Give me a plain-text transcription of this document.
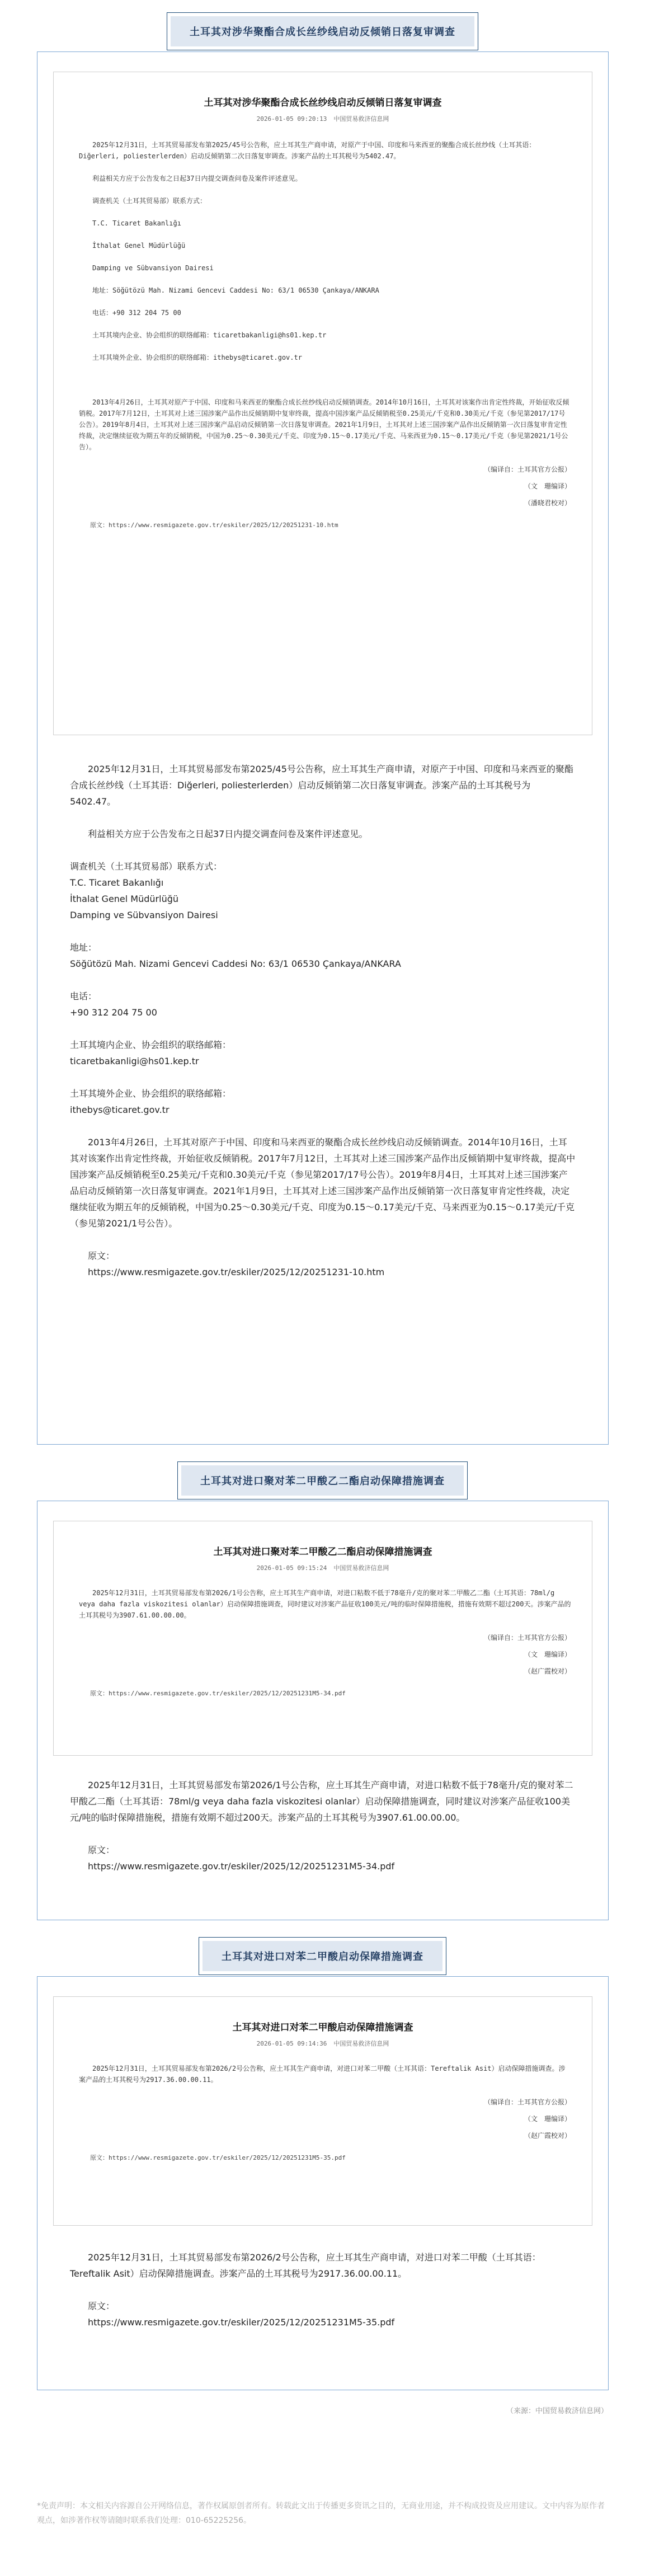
土耳其对涉华聚酯合成长丝纱线启动反倾销日落复审调查
土耳其对涉华聚酯合成长丝纱线启动反倾销日落复审调查
2026-01-05 09:20:13 中国贸易救济信息网

2025年12月31日，土耳其贸易部发布第2025/45号公告称，应土耳其生产商申请，对原产于中国、印度和马来西亚的聚酯合成长丝纱线（土耳其语：Diğerleri, poliesterlerden）启动反倾销第二次日落复审调查。涉案产品的土耳其税号为5402.47。

利益相关方应于公告发布之日起37日内提交调查问卷及案件评述意见。

调查机关（土耳其贸易部）联系方式：

T.C. Ticaret Bakanlığı

İthalat Genel Müdürlüğü

Damping ve Sübvansiyon Dairesi

地址：Söğütözü Mah. Nizami Gencevi Caddesi No: 63/1 06530 Çankaya/ANKARA

电话：+90 312 204 75 00

土耳其境内企业、协会组织的联络邮箱：ticaretbakanligi@hs01.kep.tr

土耳其境外企业、协会组织的联络邮箱：ithebys@ticaret.gov.tr

2013年4月26日，土耳其对原产于中国、印度和马来西亚的聚酯合成长丝纱线启动反倾销调查。2014年10月16日，土耳其对该案作出肯定性终裁，开始征收反倾销税。2017年7月12日，土耳其对上述三国涉案产品作出反倾销期中复审终裁，提高中国涉案产品反倾销税至0.25美元/千克和0.30美元/千克（参见第2017/17号公告）。2019年8月4日，土耳其对上述三国涉案产品启动反倾销第一次日落复审调查。2021年1月9日，土耳其对上述三国涉案产品作出反倾销第一次日落复审肯定性终裁，决定继续征收为期五年的反倾销税，中国为0.25～0.30美元/千克、印度为0.15～0.17美元/千克、马来西亚为0.15～0.17美元/千克（参见第2021/1号公告）。

（编译自：土耳其官方公报）

（文　珊编译）

（潘晓君校对）

原文：https://www.resmigazete.gov.tr/eskiler/2025/12/20251231-10.htm

2025年12月31日，土耳其贸易部发布第2025/45号公告称，应土耳其生产商申请，对原产于中国、印度和马来西亚的聚酯合成长丝纱线（土耳其语：Diğerleri, poliesterlerden）启动反倾销第二次日落复审调查。涉案产品的土耳其税号为5402.47。

利益相关方应于公告发布之日起37日内提交调查问卷及案件评述意见。

调查机关（土耳其贸易部）联系方式：
T.C. Ticaret Bakanlığı
İthalat Genel Müdürlüğü
Damping ve Sübvansiyon Dairesi
地址：
Söğütözü Mah. Nizami Gencevi Caddesi No: 63/1 06530 Çankaya/ANKARA
电话：
+90 312 204 75 00
土耳其境内企业、协会组织的联络邮箱：
ticaretbakanligi@hs01.kep.tr
土耳其境外企业、协会组织的联络邮箱：
ithebys@ticaret.gov.tr

2013年4月26日，土耳其对原产于中国、印度和马来西亚的聚酯合成长丝纱线启动反倾销调查。2014年10月16日，土耳其对该案作出肯定性终裁，开始征收反倾销税。2017年7月12日，土耳其对上述三国涉案产品作出反倾销期中复审终裁，提高中国涉案产品反倾销税至0.25美元/千克和0.30美元/千克（参见第2017/17号公告）。2019年8月4日，土耳其对上述三国涉案产品启动反倾销第一次日落复审调查。2021年1月9日，土耳其对上述三国涉案产品作出反倾销第一次日落复审肯定性终裁，决定继续征收为期五年的反倾销税，中国为0.25～0.30美元/千克、印度为0.15～0.17美元/千克、马来西亚为0.15～0.17美元/千克（参见第2021/1号公告）。

原文：
https://www.resmigazete.gov.tr/eskiler/2025/12/20251231-10.htm
土耳其对进口聚对苯二甲酸乙二酯启动保障措施调查
土耳其对进口聚对苯二甲酸乙二酯启动保障措施调查
2026-01-05 09:15:24 中国贸易救济信息网

2025年12月31日，土耳其贸易部发布第2026/1号公告称，应土耳其生产商申请，对进口粘数不低于78毫升/克的聚对苯二甲酸乙二酯（土耳其语：78ml/g veya daha fazla viskozitesi olanlar）启动保障措施调查，同时建议对涉案产品征收100美元/吨的临时保障措施税，措施有效期不超过200天。涉案产品的土耳其税号为3907.61.00.00.00。

（编译自：土耳其官方公报）

（文　珊编译）

（赵广霞校对）

原文：https://www.resmigazete.gov.tr/eskiler/2025/12/20251231M5-34.pdf

2025年12月31日，土耳其贸易部发布第2026/1号公告称，应土耳其生产商申请，对进口粘数不低于78毫升/克的聚对苯二甲酸乙二酯（土耳其语：78ml/g veya daha fazla viskozitesi olanlar）启动保障措施调查，同时建议对涉案产品征收100美元/吨的临时保障措施税，措施有效期不超过200天。涉案产品的土耳其税号为3907.61.00.00.00。

原文：
https://www.resmigazete.gov.tr/eskiler/2025/12/20251231M5-34.pdf
土耳其对进口对苯二甲酸启动保障措施调查
土耳其对进口对苯二甲酸启动保障措施调查
2026-01-05 09:14:36 中国贸易救济信息网

2025年12月31日，土耳其贸易部发布第2026/2号公告称，应土耳其生产商申请，对进口对苯二甲酸（土耳其语：Tereftalik Asit）启动保障措施调查。涉案产品的土耳其税号为2917.36.00.00.11。

（编译自：土耳其官方公报）

（文　珊编译）

（赵广霞校对）

原文：https://www.resmigazete.gov.tr/eskiler/2025/12/20251231M5-35.pdf

2025年12月31日，土耳其贸易部发布第2026/2号公告称，应土耳其生产商申请，对进口对苯二甲酸（土耳其语：Tereftalik Asit）启动保障措施调查。涉案产品的土耳其税号为2917.36.00.00.11。

原文：
https://www.resmigazete.gov.tr/eskiler/2025/12/20251231M5-35.pdf
（来源：中国贸易救济信息网）
*免责声明：本文相关内容源自公开网络信息，著作权属原创者所有。转载此文出于传播更多资讯之目的，无商业用途，并不构成投资及应用建议。文中内容为原作者观点，如涉著作权等请随时联系我们处理：010-65225256。
